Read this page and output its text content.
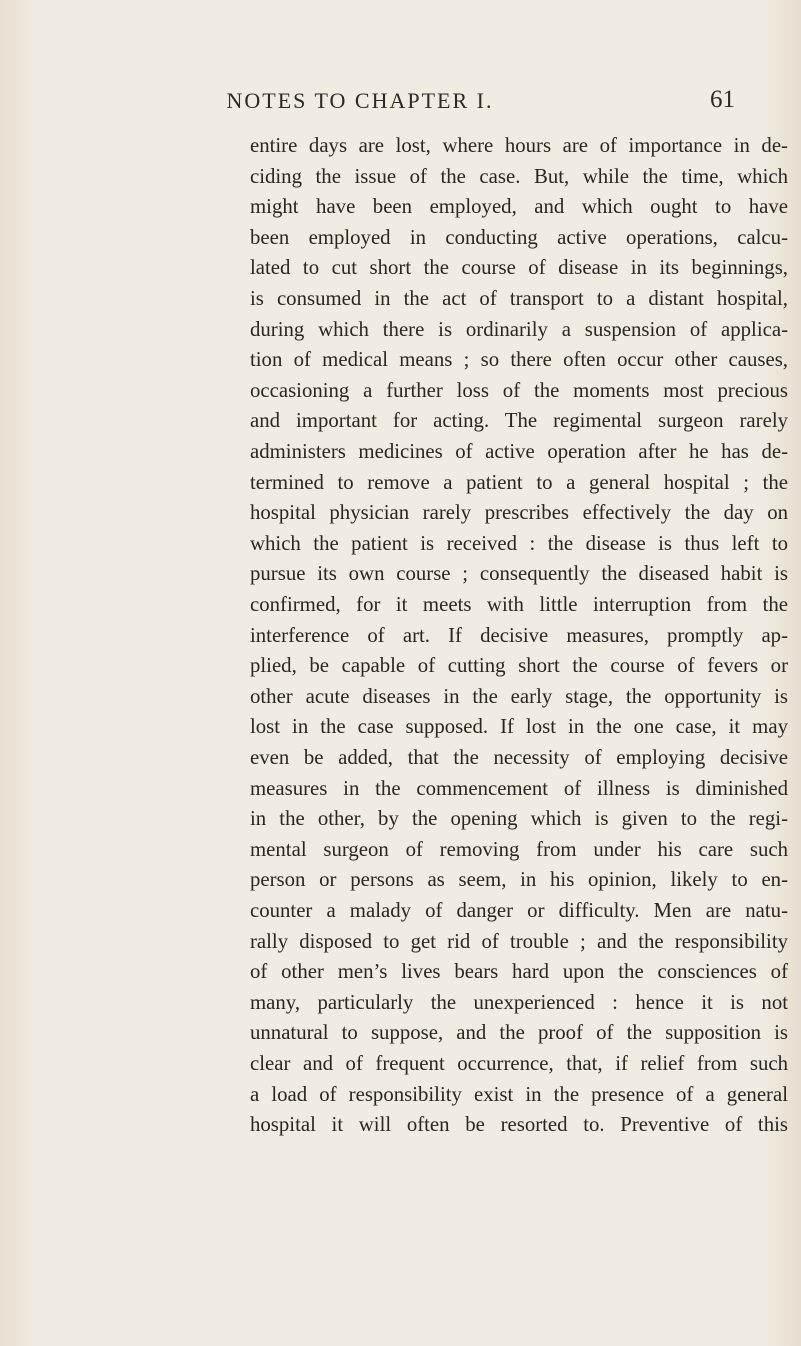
NOTES TO CHAPTER I.	61
entire days are lost, where hours are of importance in de-
ciding the issue of the case. But, while the time, which
might have been employed, and which ought to have
been employed in conducting active operations, calcu-
lated to cut short the course of disease in its beginnings,
is consumed in the act of transport to a distant hospital,
during which there is ordinarily a suspension of applica-
tion of medical means ; so there often occur other causes,
occasioning a further loss of the moments most precious
and important for acting. The regimental surgeon rarely
administers medicines of active operation after he has de-
termined to remove a patient to a general hospital ; the
hospital physician rarely prescribes effectively the day on
which the patient is received : the disease is thus left to
pursue its own course ; consequently the diseased habit is
confirmed, for it meets with little interruption from the
interference of art. If decisive measures, promptly ap-
plied, be capable of cutting short the course of fevers or
other acute diseases in the early stage, the opportunity is
lost in the case supposed. If lost in the one case, it may
even be added, that the necessity of employing decisive
measures in the commencement of illness is diminished
in the other, by the opening which is given to the regi-
mental surgeon of removing from under his care such
person or persons as seem, in his opinion, likely to en-
counter a malady of danger or difficulty. Men are natu-
rally disposed to get rid of trouble ; and the responsibility
of other men’s lives bears hard upon the consciences of
many, particularly the unexperienced : hence it is not
unnatural to suppose, and the proof of the supposition is
clear and of frequent occurrence, that, if relief from such
a load of responsibility exist in the presence of a general
hospital it will often be resorted to. Preventive of this
